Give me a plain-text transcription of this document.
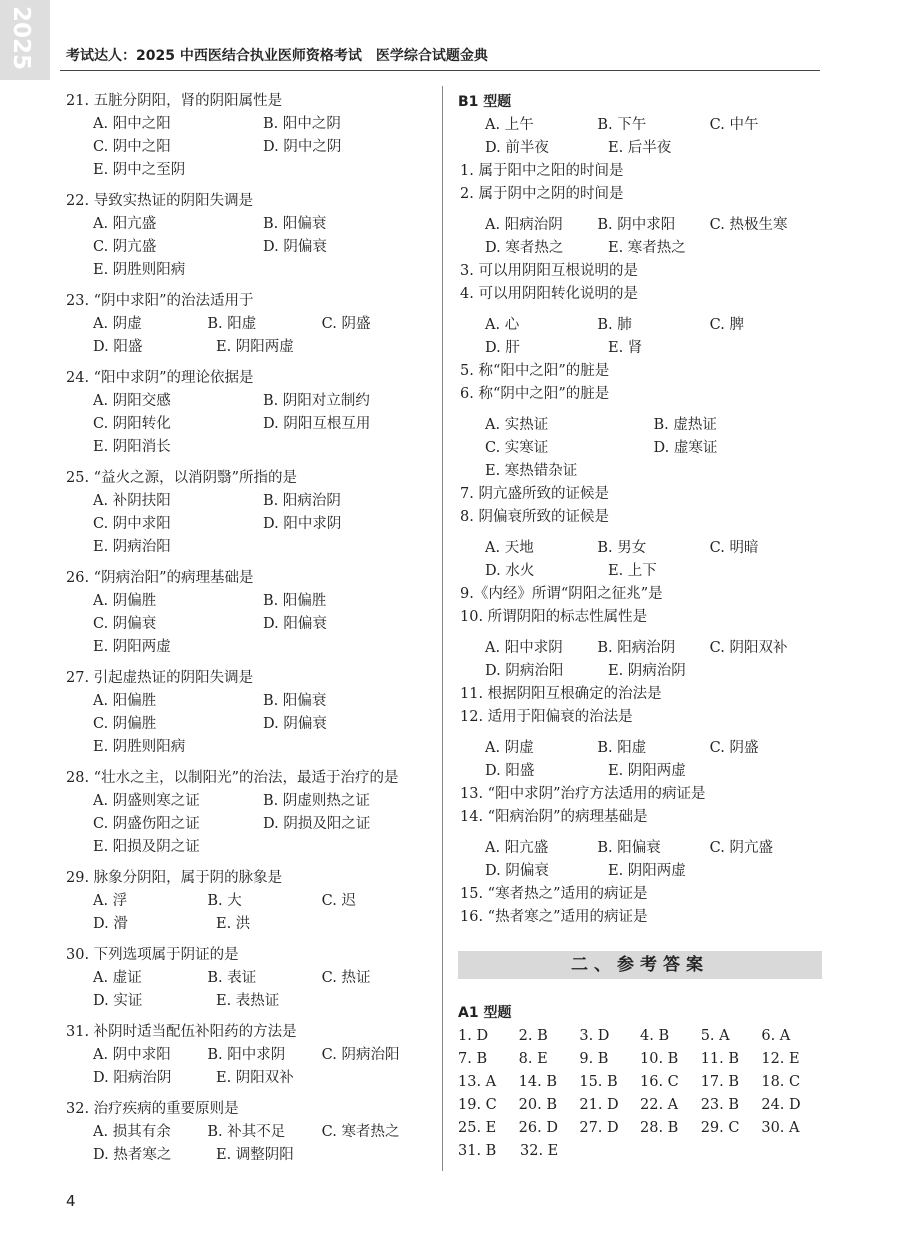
2025 考试达人：2025 中西医结合执业医师资格考试　医学综合试题金典
21. 五脏分阴阳，肾的阴阳属性是
A. 阳中之阳	B. 阳中之阴
C. 阴中之阳	D. 阴中之阴
E. 阴中之至阴
22. 导致实热证的阴阳失调是
A. 阳亢盛	B. 阳偏衰
C. 阴亢盛	D. 阴偏衰
E. 阴胜则阳病
23. “阴中求阳”的治法适用于
A. 阴虚	B. 阳虚	C. 阴盛
D. 阳盛	E. 阴阳两虚
24. “阳中求阴”的理论依据是
A. 阴阳交感	B. 阴阳对立制约
C. 阴阳转化	D. 阴阳互根互用
E. 阴阳消长
25. “益火之源，以消阴翳”所指的是
A. 补阴扶阳	B. 阳病治阴
C. 阴中求阳	D. 阳中求阴
E. 阴病治阳
26. “阴病治阳”的病理基础是
A. 阴偏胜	B. 阳偏胜
C. 阴偏衰	D. 阳偏衰
E. 阴阳两虚
27. 引起虚热证的阴阳失调是
A. 阳偏胜	B. 阳偏衰
C. 阴偏胜	D. 阴偏衰
E. 阴胜则阳病
28. “壮水之主，以制阳光”的治法，最适于治疗的是
A. 阴盛则寒之证	B. 阴虚则热之证
C. 阴盛伤阳之证	D. 阴损及阳之证
E. 阳损及阴之证
29. 脉象分阴阳，属于阴的脉象是
A. 浮	B. 大	C. 迟
D. 滑	E. 洪
30. 下列选项属于阴证的是
A. 虚证	B. 表证	C. 热证
D. 实证	E. 表热证
31. 补阴时适当配伍补阳药的方法是
A. 阴中求阳	B. 阳中求阴	C. 阴病治阳
D. 阳病治阴	E. 阴阳双补
32. 治疗疾病的重要原则是
A. 损其有余	B. 补其不足	C. 寒者热之
D. 热者寒之	E. 调整阴阳
B1 型题
A. 上午	B. 下午	C. 中午
D. 前半夜	E. 后半夜
1. 属于阳中之阳的时间是
2. 属于阴中之阴的时间是
A. 阳病治阴	B. 阴中求阳	C. 热极生寒
D. 寒者热之	E. 寒者热之
3. 可以用阴阳互根说明的是
4. 可以用阴阳转化说明的是
A. 心	B. 肺	C. 脾
D. 肝	E. 肾
5. 称“阳中之阳”的脏是
6. 称“阴中之阳”的脏是
A. 实热证	B. 虚热证
C. 实寒证	D. 虚寒证
E. 寒热错杂证
7. 阴亢盛所致的证候是
8. 阴偏衰所致的证候是
A. 天地	B. 男女	C. 明暗
D. 水火	E. 上下
9.《内经》所谓“阴阳之征兆”是
10. 所谓阴阳的标志性属性是
A. 阳中求阴	B. 阳病治阴	C. 阴阳双补
D. 阴病治阳	E. 阴病治阴
11. 根据阴阳互根确定的治法是
12. 适用于阳偏衰的治法是
A. 阴虚	B. 阳虚	C. 阴盛
D. 阳盛	E. 阴阳两虚
13. “阳中求阴”治疗方法适用的病证是
14. “阳病治阴”的病理基础是
A. 阳亢盛	B. 阳偏衰	C. 阴亢盛
D. 阴偏衰	E. 阴阳两虚
15. “寒者热之”适用的病证是
16. “热者寒之”适用的病证是
二、参考答案
A1 型题
1. D	2. B	3. D	4. B	5. A	6. A
7. B	8. E	9. B	10. B	11. B	12. E
13. A	14. B	15. B	16. C	17. B	18. C
19. C	20. B	21. D	22. A	23. B	24. D
25. E	26. D	27. D	28. B	29. C	30. A
31. B	32. E
4
